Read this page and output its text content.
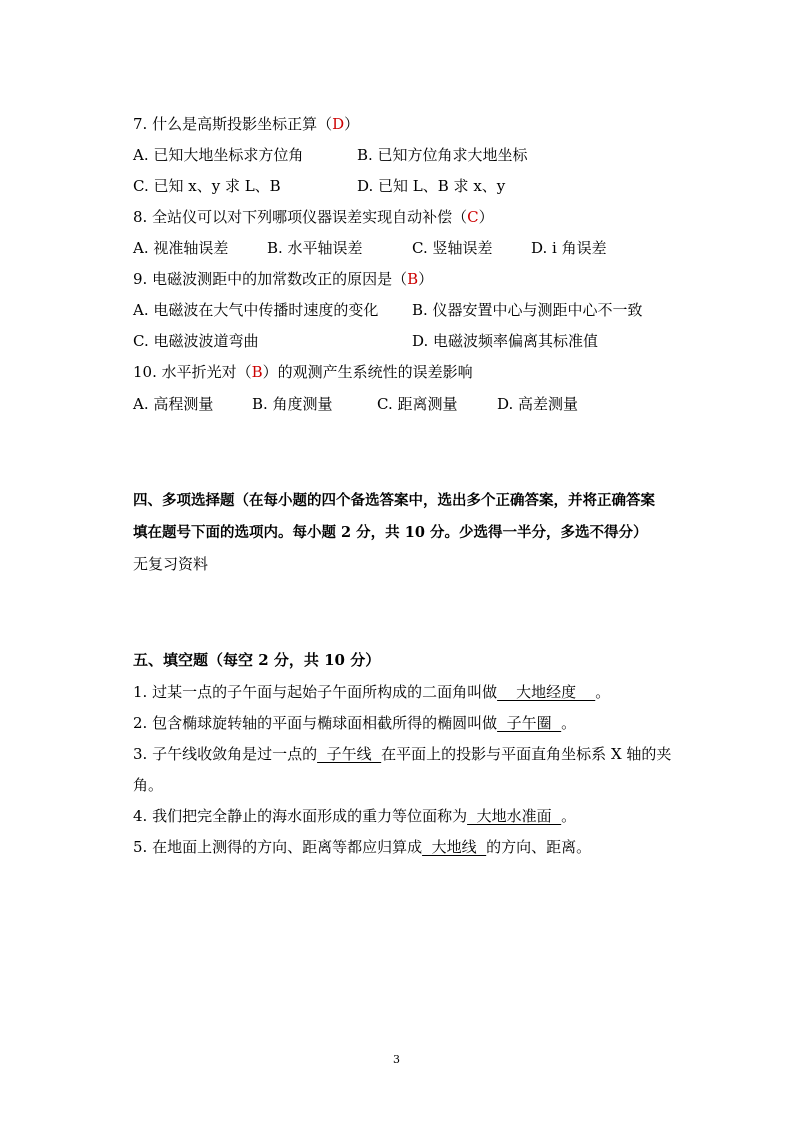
7. 什么是高斯投影坐标正算（D）
A. 已知大地坐标求方位角	B. 已知方位角求大地坐标
C. 已知 x、y 求 L、B	D. 已知 L、B 求 x、y
8. 全站仪可以对下列哪项仪器误差实现自动补偿（C）
A. 视准轴误差	B. 水平轴误差	C. 竖轴误差	D. i 角误差
9. 电磁波测距中的加常数改正的原因是（B）
A. 电磁波在大气中传播时速度的变化 B. 仪器安置中心与测距中心不一致
C. 电磁波波道弯曲	D. 电磁波频率偏离其标准值
10. 水平折光对（B）的观测产生系统性的误差影响
A. 高程测量	B. 角度测量	C. 距离测量	D. 高差测量
四、多项选择题（在每小题的四个备选答案中，选出多个正确答案，并将正确答案
填在题号下面的选项内。每小题 2 分，共 10 分。少选得一半分，多选不得分）
无复习资料
五、填空题（每空 2 分，共 10 分）
1. 过某一点的子午面与起始子午面所构成的二面角叫做    大地经度    。
2. 包含椭球旋转轴的平面与椭球面相截所得的椭圆叫做  子午圈  。
3. 子午线收敛角是过一点的  子午线  在平面上的投影与平面直角坐标系 X 轴的夹
角。
4. 我们把完全静止的海水面形成的重力等位面称为  大地水准面  。
5. 在地面上测得的方向、距离等都应归算成  大地线  的方向、距离。
3
